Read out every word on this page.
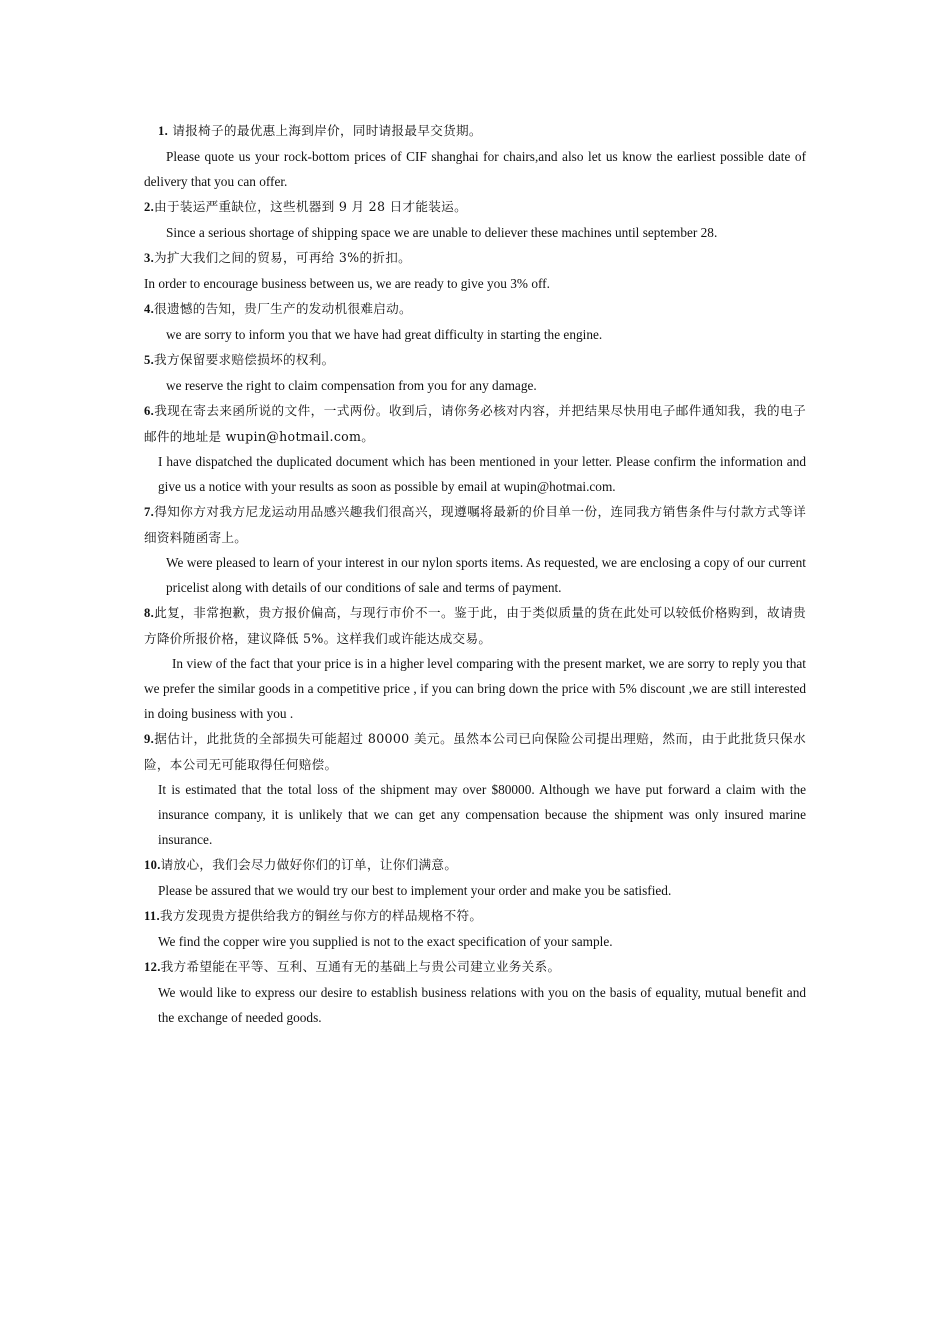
1. 请报椅子的最优惠上海到岸价，同时请报最早交货期。

Please quote us your rock-bottom prices of CIF shanghai for chairs,and also let us know the earliest possible date of delivery that you can offer.

2.由于装运严重缺位，这些机器到 9 月 28 日才能装运。

Since a serious shortage of shipping space we are unable to deliever these machines until september 28.

3.为扩大我们之间的贸易，可再给 3%的折扣。

In order to encourage business between us, we are ready to give you 3% off.

4.很遗憾的告知，贵厂生产的发动机很难启动。

we are sorry to inform you that we have had great difficulty in starting the engine.

5.我方保留要求赔偿损坏的权利。

we reserve the right to claim compensation from you for any damage.

6.我现在寄去来函所说的文件，一式两份。收到后，请你务必核对内容，并把结果尽快用电子邮件通知我，我的电子邮件的地址是 wupin@hotmail.com。

I have dispatched the duplicated document which has been mentioned in your letter. Please confirm the information and give us a notice with your results as soon as possible by email at wupin@hotmai.com.

7.得知你方对我方尼龙运动用品感兴趣我们很高兴，现遵嘱将最新的价目单一份，连同我方销售条件与付款方式等详细资料随函寄上。

We were pleased to learn of your interest in our nylon sports items. As requested, we are enclosing a copy of our current pricelist along with details of our conditions of sale and terms of payment.

8.此复，非常抱歉，贵方报价偏高，与现行市价不一。鉴于此，由于类似质量的货在此处可以较低价格购到，故请贵方降价所报价格，建议降低 5%。这样我们或许能达成交易。

In view of the fact that your price is in a higher level comparing with the present market, we are sorry to reply you that we prefer the similar goods in a competitive price , if you can bring down the price with 5% discount ,we are still interested in doing business with you .

9.据估计，此批货的全部损失可能超过 80000 美元。虽然本公司已向保险公司提出理赔，然而，由于此批货只保水险，本公司无可能取得任何赔偿。

It is estimated that the total loss of the shipment may over $80000. Although we have put forward a claim with the insurance company, it is unlikely that we can get any compensation because the shipment was only insured marine insurance.

10.请放心，我们会尽力做好你们的订单，让你们满意。

Please be assured that we would try our best to implement your order and make you be satisfied.

11.我方发现贵方提供给我方的铜丝与你方的样品规格不符。

We find the copper wire you supplied is not to the exact specification of your sample.

12.我方希望能在平等、互利、互通有无的基础上与贵公司建立业务关系。

We would like to express our desire to establish business relations with you on the basis of equality, mutual benefit and the exchange of needed goods.
